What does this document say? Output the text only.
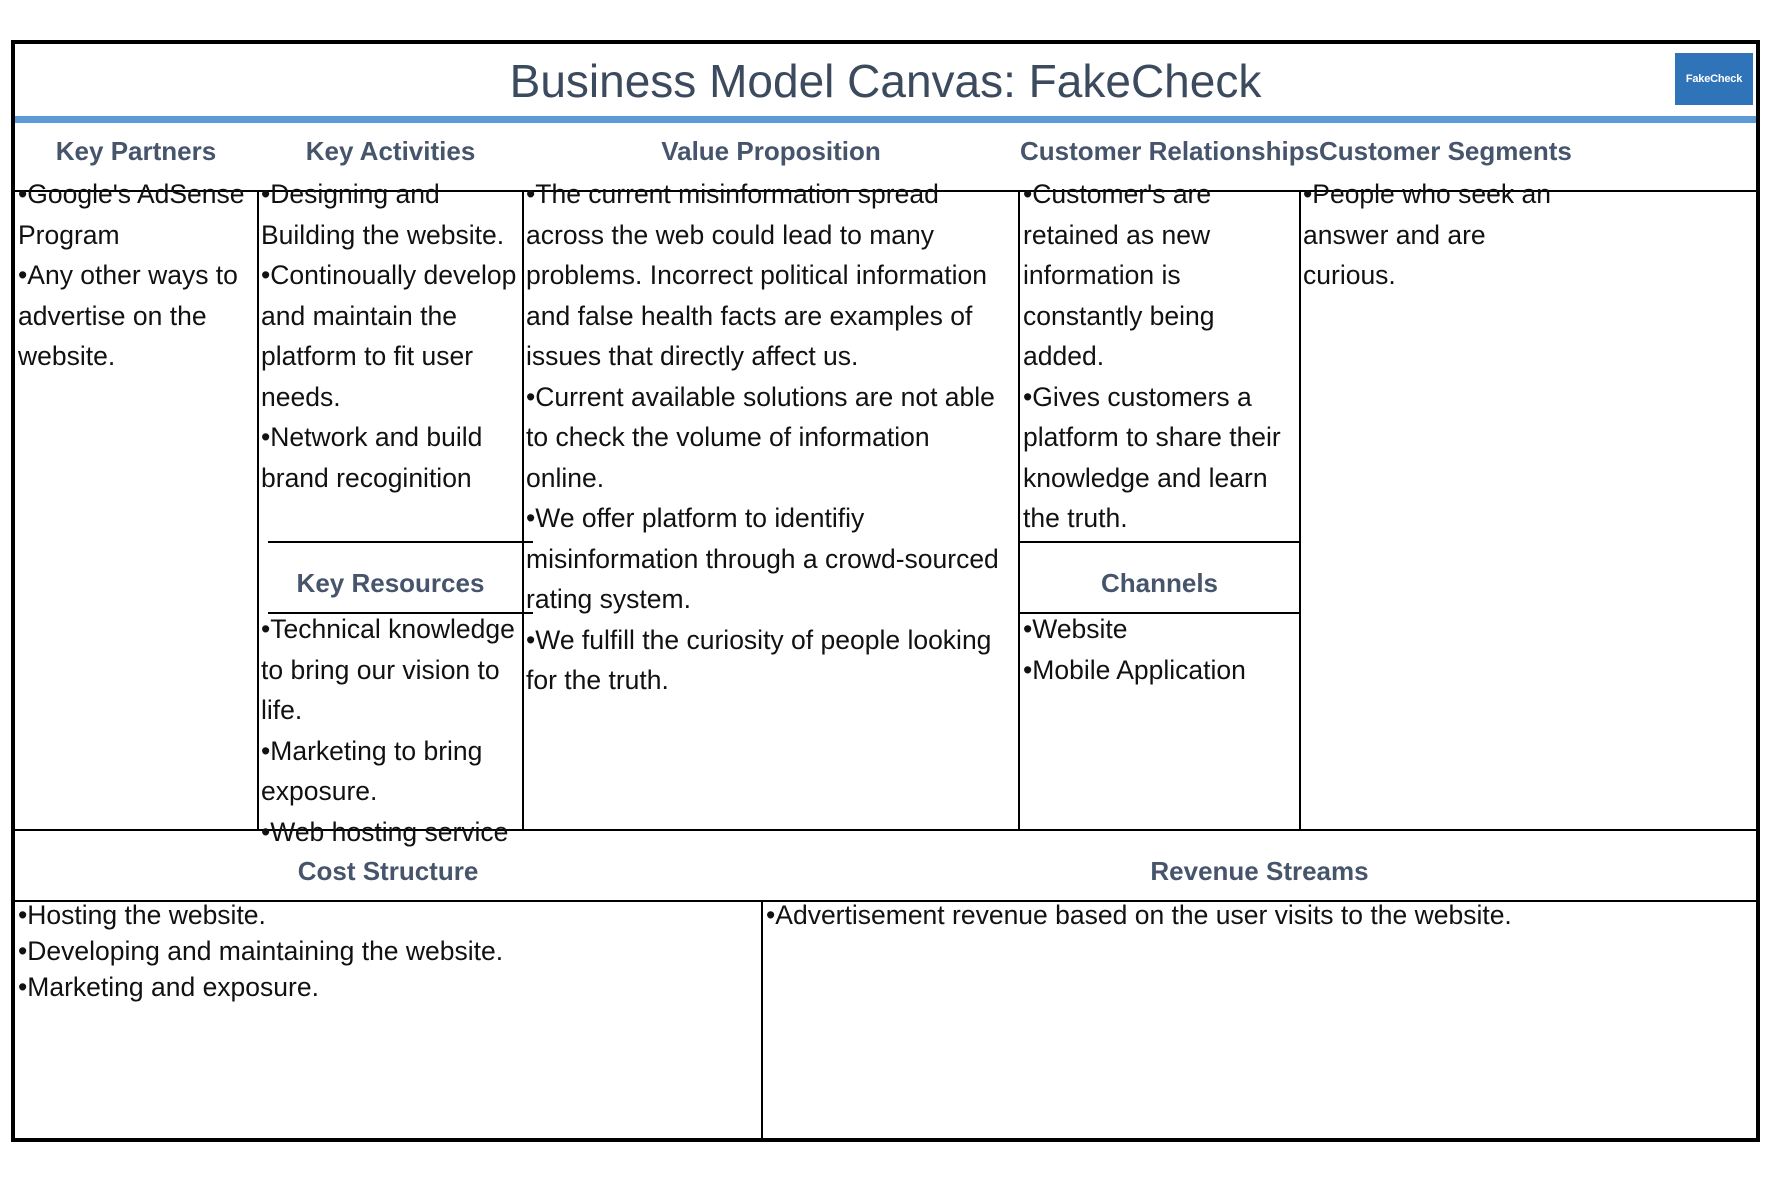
Business Model Canvas: FakeCheck	FakeCheck
Key Partners	Key Activities	Value Proposition	Customer Relationships Customer Segments
Key Resources	Channels
Cost Structure	Revenue Streams
• Google's AdSense Program
• Any other ways to advertise on the website.
• Designing and Building the website.
• Continoually develop and maintain the platform to fit user needs.
• Network and build brand recoginition
• Technical knowledge to bring our vision to life.
• Marketing to bring exposure.
• Web hosting service
• The current misinformation spread across the web could lead to many problems. Incorrect political information and false health facts are examples of issues that directly affect us.
• Current available solutions are not able to check the volume of information online.
• We offer platform to identifiy misinformation through a crowd-sourced rating system.
• We fulfill the curiosity of people looking for the truth.
• Customer's are retained as new information is constantly being added.
• Gives customers a platform to share their knowledge and learn the truth.
• Website
• Mobile Application
• People who seek an answer and are curious.
• Hosting the website.
• Developing and maintaining the website.
• Marketing and exposure.
• Advertisement revenue based on the user visits to the website.
